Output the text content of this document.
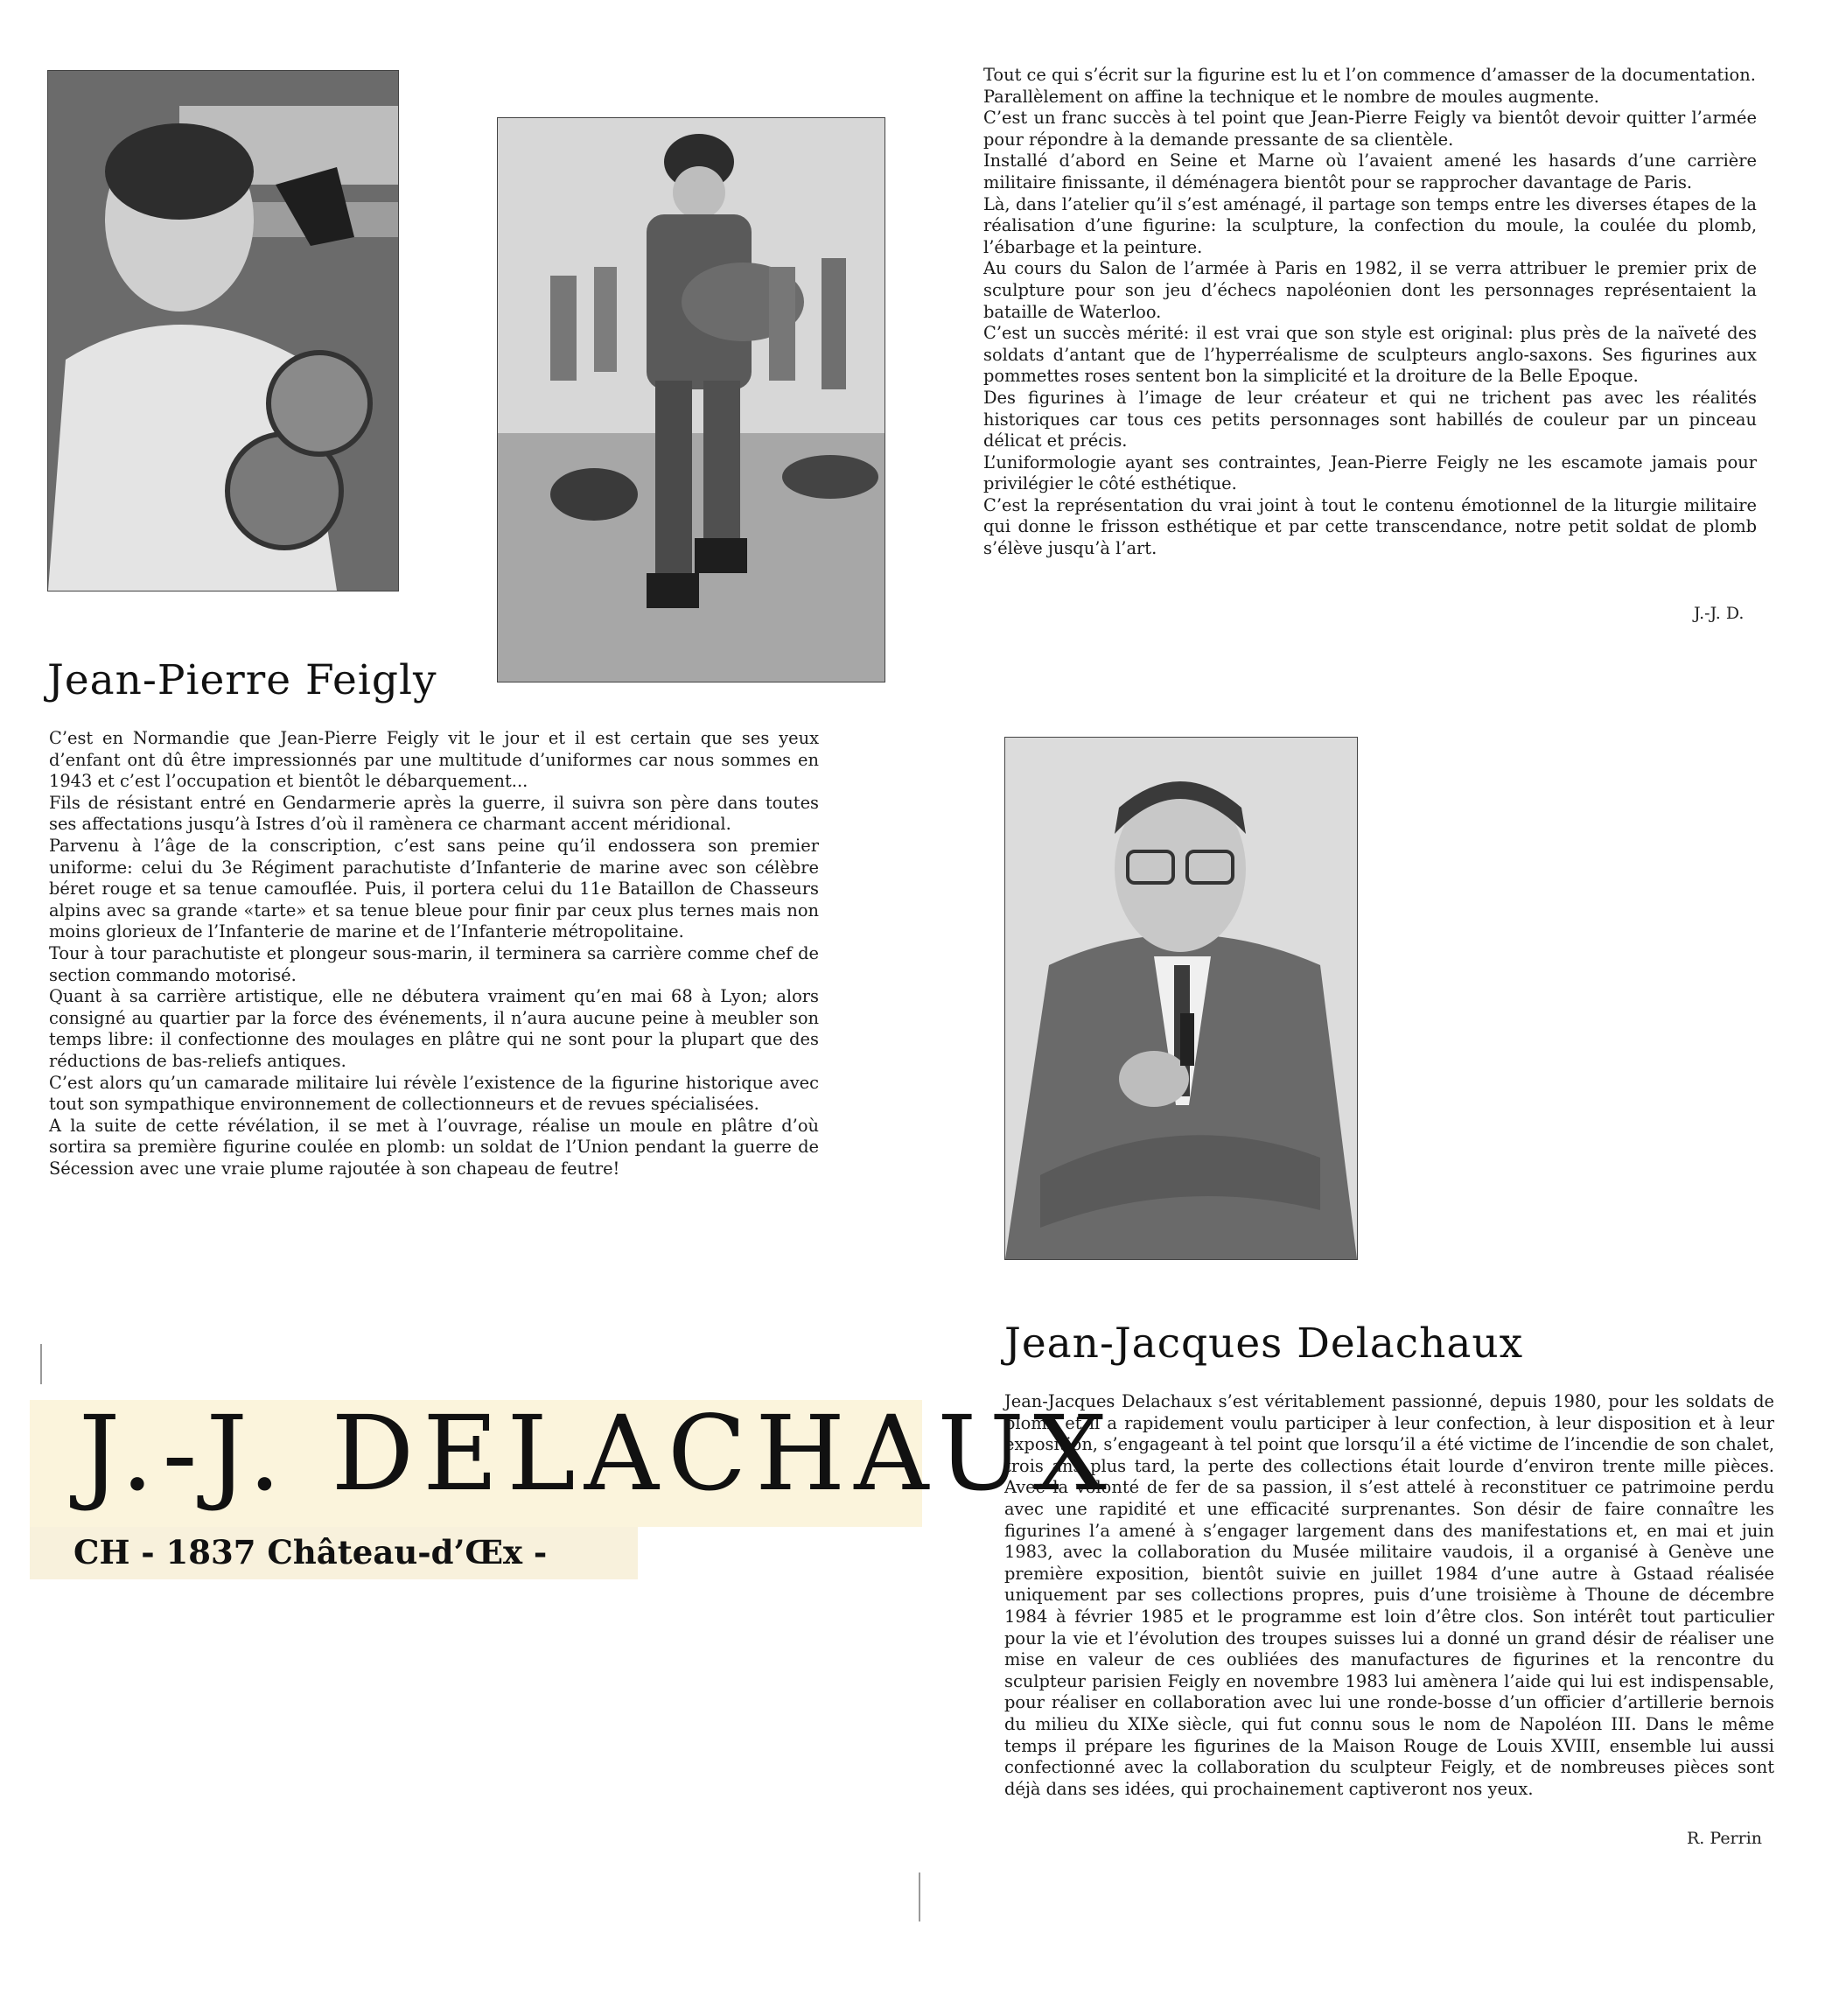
Tout ce qui s’écrit sur la figurine est lu et l’on commence d’amasser de la documentation.

Parallèlement on affine la technique et le nombre de moules augmente.

C’est un franc succès à tel point que Jean-Pierre Feigly va bientôt devoir quitter l’armée pour répondre à la demande pressante de sa clientèle.

Installé d’abord en Seine et Marne où l’avaient amené les hasards d’une carrière militaire finissante, il déménagera bientôt pour se rapprocher davantage de Paris.

Là, dans l’atelier qu’il s’est aménagé, il partage son temps entre les diverses étapes de la réalisation d’une figurine: la sculpture, la confection du moule, la coulée du plomb, l’ébarbage et la peinture.

Au cours du Salon de l’armée à Paris en 1982, il se verra attribuer le premier prix de sculpture pour son jeu d’échecs napoléonien dont les personnages représentaient la bataille de Waterloo.

C’est un succès mérité: il est vrai que son style est original: plus près de la naïveté des soldats d’antant que de l’hyperréalisme de sculpteurs anglo-saxons. Ses figurines aux pommettes roses sentent bon la simplicité et la droiture de la Belle Epoque.

Des figurines à l’image de leur créateur et qui ne trichent pas avec les réalités historiques car tous ces petits personnages sont habillés de couleur par un pinceau délicat et précis.

L’uniformologie ayant ses contraintes, Jean-Pierre Feigly ne les escamote jamais pour privilégier le côté esthétique.

C’est la représentation du vrai joint à tout le contenu émotionnel de la liturgie militaire qui donne le frisson esthétique et par cette transcendance, notre petit soldat de plomb s’élève jusqu’à l’art.

J.-J. D.
Jean-Pierre Feigly

C’est en Normandie que Jean-Pierre Feigly vit le jour et il est certain que ses yeux d’enfant ont dû être impressionnés par une multitude d’uniformes car nous sommes en 1943 et c’est l’occupation et bientôt le débarquement...

Fils de résistant entré en Gendarmerie après la guerre, il suivra son père dans toutes ses affectations jusqu’à Istres d’où il ramènera ce charmant accent méridional.

Parvenu à l’âge de la conscription, c’est sans peine qu’il endossera son premier uniforme: celui du 3e Régiment parachutiste d’Infanterie de marine avec son célèbre béret rouge et sa tenue camouflée. Puis, il portera celui du 11e Bataillon de Chasseurs alpins avec sa grande «tarte» et sa tenue bleue pour finir par ceux plus ternes mais non moins glorieux de l’Infanterie de marine et de l’Infanterie métropolitaine.

Tour à tour parachutiste et plongeur sous-marin, il terminera sa carrière comme chef de section commando motorisé.

Quant à sa carrière artistique, elle ne débutera vraiment qu’en mai 68 à Lyon; alors consigné au quartier par la force des événements, il n’aura aucune peine à meubler son temps libre: il confectionne des moulages en plâtre qui ne sont pour la plupart que des réductions de bas-reliefs antiques.

C’est alors qu’un camarade militaire lui révèle l’existence de la figurine historique avec tout son sympathique environnement de collectionneurs et de revues spécialisées.

A la suite de cette révélation, il se met à l’ouvrage, réalise un moule en plâtre d’où sortira sa première figurine coulée en plomb: un soldat de l’Union pendant la guerre de Sécession avec une vraie plume rajoutée à son chapeau de feutre!

Jean-Jacques Delachaux

Jean-Jacques Delachaux s’est véritablement passionné, depuis 1980, pour les soldats de plomb et il a rapidement voulu participer à leur confection, à leur disposition et à leur exposition, s’engageant à tel point que lorsqu’il a été victime de l’incendie de son chalet, trois ans plus tard, la perte des collections était lourde d’environ trente mille pièces. Avec la volonté de fer de sa passion, il s’est attelé à reconstituer ce patrimoine perdu avec une rapidité et une efficacité surprenantes. Son désir de faire connaître les figurines l’a amené à s’engager largement dans des manifestations et, en mai et juin 1983, avec la collaboration du Musée militaire vaudois, il a organisé à Genève une première exposition, bientôt suivie en juillet 1984 d’une autre à Gstaad réalisée uniquement par ses collections propres, puis d’une troisième à Thoune de décembre 1984 à février 1985 et le programme est loin d’être clos. Son intérêt tout particulier pour la vie et l’évolution des troupes suisses lui a donné un grand désir de réaliser une mise en valeur de ces oubliées des manufactures de figurines et la rencontre du sculpteur parisien Feigly en novembre 1983 lui amènera l’aide qui lui est indispensable, pour réaliser en collaboration avec lui une ronde-bosse d’un officier d’artillerie bernois du milieu du XIXe siècle, qui fut connu sous le nom de Napoléon III. Dans le même temps il prépare les figurines de la Maison Rouge de Louis XVIII, ensemble lui aussi confectionné avec la collaboration du sculpteur Feigly, et de nombreuses pièces sont déjà dans ses idées, qui prochainement captiveront nos yeux.

R. Perrin
J.-J. DELACHAUX
CH - 1837 Château-d’Œx -
